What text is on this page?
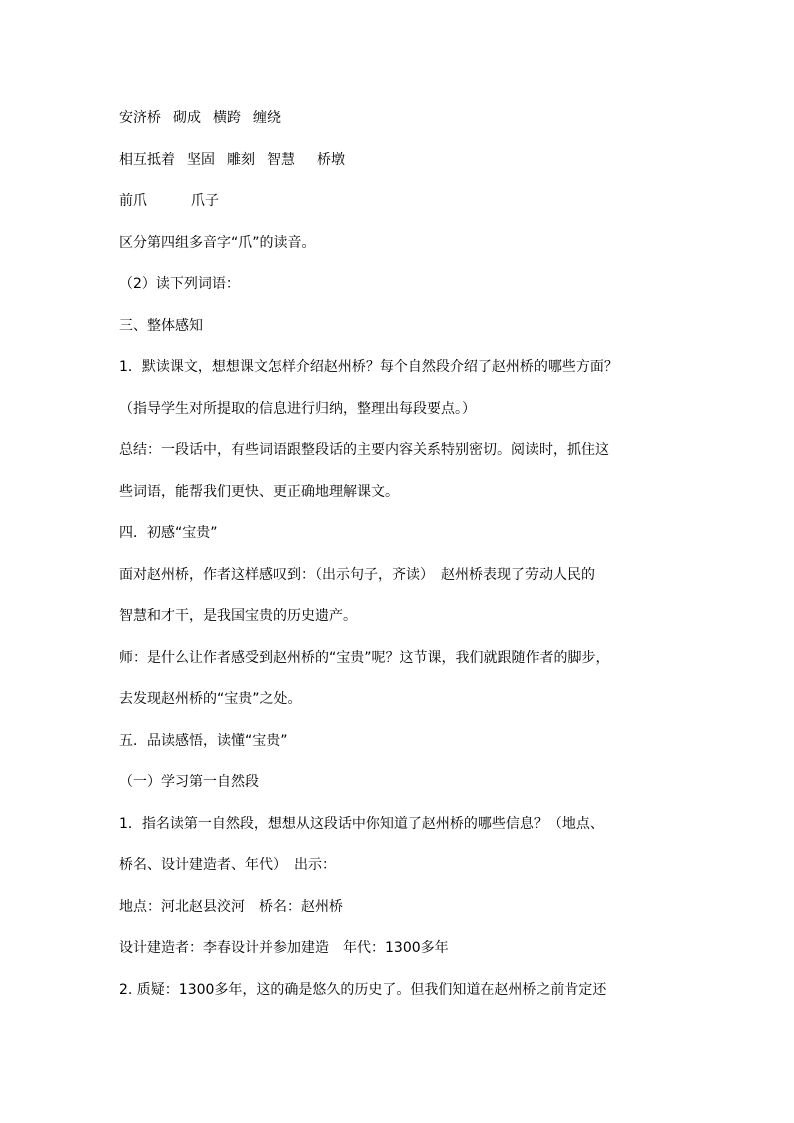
安济桥 砌成 横跨 缠绕
相互抵着 坚固 雕刻 智慧 桥墩
前爪	爪子
区分第四组多音字“爪”的读音。
（2）读下列词语：
三、整体感知
1．默读课文，想想课文怎样介绍赵州桥？每个自然段介绍了赵州桥的哪些方面？
（指导学生对所提取的信息进行归纳，整理出每段要点。）
总结：一段话中，有些词语跟整段话的主要内容关系特别密切。阅读时，抓住这
些词语，能帮我们更快、更正确地理解课文。
四．初感“宝贵”
面对赵州桥，作者这样感叹到：（出示句子，齐读）　赵州桥表现了劳动人民的
智慧和才干，是我国宝贵的历史遗产。
师：是什么让作者感受到赵州桥的“宝贵”呢？这节课，我们就跟随作者的脚步，
去发现赵州桥的“宝贵”之处。
五．品读感悟，读懂“宝贵”
（一）学习第一自然段
1．指名读第一自然段，想想从这段话中你知道了赵州桥的哪些信息？（地点、
桥名、设计建造者、年代）　出示：
地点：河北赵县洨河　桥名：赵州桥
设计建造者：李春设计并参加建造　年代：1300多年
2. 质疑：1300多年，这的确是悠久的历史了。但我们知道在赵州桥之前肯定还
